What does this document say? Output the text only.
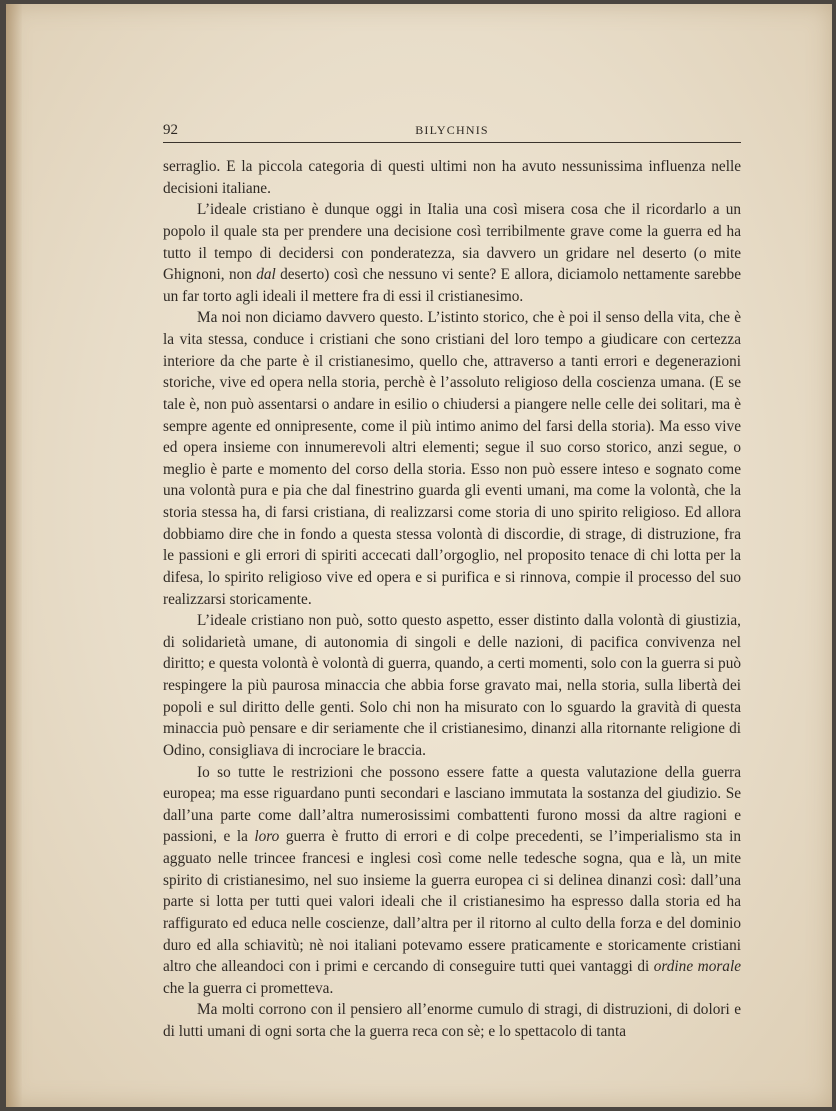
92	BILYCHNIS

serraglio. E la piccola categoria di questi ultimi non ha avuto nessunissima influenza nelle decisioni italiane.

L’ideale cristiano è dunque oggi in Italia una così misera cosa che il ricordarlo a un popolo il quale sta per prendere una decisione così terribilmente grave come la guerra ed ha tutto il tempo di decidersi con ponderatezza, sia davvero un gridare nel deserto (o mite Ghignoni, non dal deserto) così che nessuno vi sente? E allora, diciamolo nettamente sarebbe un far torto agli ideali il mettere fra di essi il cristianesimo.

Ma noi non diciamo davvero questo. L’istinto storico, che è poi il senso della vita, che è la vita stessa, conduce i cristiani che sono cristiani del loro tempo a giudicare con certezza interiore da che parte è il cristianesimo, quello che, attraverso a tanti errori e degenerazioni storiche, vive ed opera nella storia, perchè è l’assoluto religioso della coscienza umana. (E se tale è, non può assentarsi o andare in esilio o chiudersi a piangere nelle celle dei solitari, ma è sempre agente ed onnipresente, come il più intimo animo del farsi della storia). Ma esso vive ed opera insieme con innumerevoli altri elementi; segue il suo corso storico, anzi segue, o meglio è parte e momento del corso della storia. Esso non può essere inteso e sognato come una volontà pura e pia che dal finestrino guarda gli eventi umani, ma come la volontà, che la storia stessa ha, di farsi cristiana, di realizzarsi come storia di uno spirito religioso. Ed allora dobbiamo dire che in fondo a questa stessa volontà di discordie, di strage, di distruzione, fra le passioni e gli errori di spiriti accecati dall’orgoglio, nel proposito tenace di chi lotta per la difesa, lo spirito religioso vive ed opera e si purifica e si rinnova, compie il processo del suo realizzarsi storicamente.

L’ideale cristiano non può, sotto questo aspetto, esser distinto dalla volontà di giustizia, di solidarietà umane, di autonomia di singoli e delle nazioni, di pacifica convivenza nel diritto; e questa volontà è volontà di guerra, quando, a certi momenti, solo con la guerra si può respingere la più paurosa minaccia che abbia forse gravato mai, nella storia, sulla libertà dei popoli e sul diritto delle genti. Solo chi non ha misurato con lo sguardo la gravità di questa minaccia può pensare e dir seriamente che il cristianesimo, dinanzi alla ritornante religione di Odino, consigliava di incrociare le braccia.

Io so tutte le restrizioni che possono essere fatte a questa valutazione della guerra europea; ma esse riguardano punti secondari e lasciano immutata la sostanza del giudizio. Se dall’una parte come dall’altra numerosissimi combattenti furono mossi da altre ragioni e passioni, e la loro guerra è frutto di errori e di colpe precedenti, se l’imperialismo sta in agguato nelle trincee francesi e inglesi così come nelle tedesche sogna, qua e là, un mite spirito di cristianesimo, nel suo insieme la guerra europea ci si delinea dinanzi così: dall’una parte si lotta per tutti quei valori ideali che il cristianesimo ha espresso dalla storia ed ha raffigurato ed educa nelle coscienze, dall’altra per il ritorno al culto della forza e del dominio duro ed alla schiavitù; nè noi italiani potevamo essere praticamente e storicamente cristiani altro che alleandoci con i primi e cercando di conseguire tutti quei vantaggi di ordine morale che la guerra ci prometteva.

Ma molti corrono con il pensiero all’enorme cumulo di stragi, di distruzioni, di dolori e di lutti umani di ogni sorta che la guerra reca con sè; e lo spettacolo di tanta
